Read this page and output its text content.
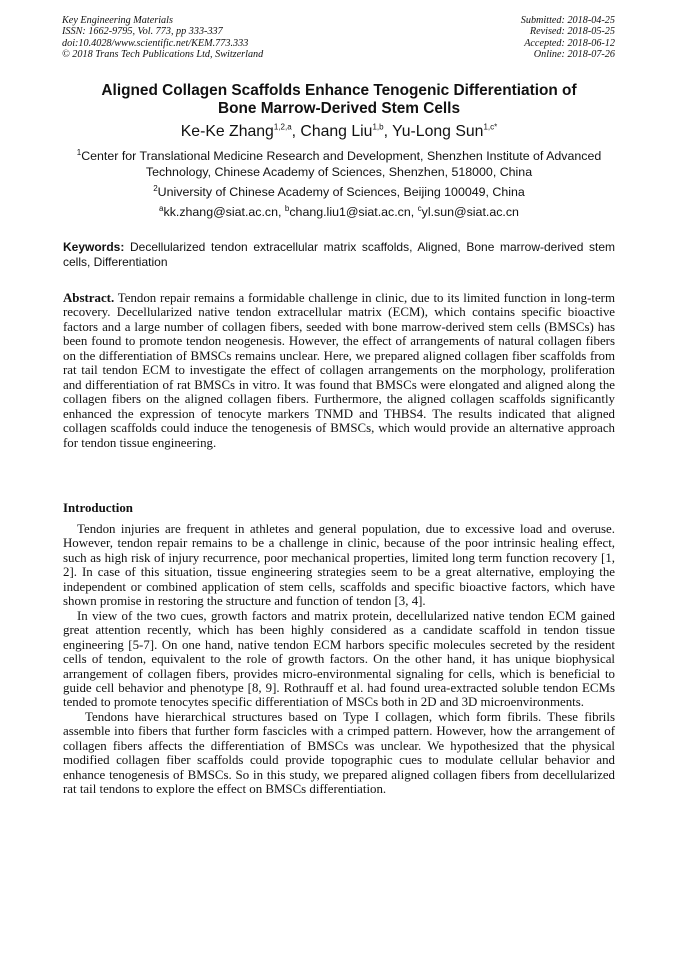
Key Engineering Materials
ISSN: 1662-9795, Vol. 773, pp 333-337
doi:10.4028/www.scientific.net/KEM.773.333
© 2018 Trans Tech Publications Ltd, Switzerland
Submitted: 2018-04-25
Revised: 2018-05-25
Accepted: 2018-06-12
Online: 2018-07-26
Aligned Collagen Scaffolds Enhance Tenogenic Differentiation of
Bone Marrow-Derived Stem Cells
Ke-Ke Zhang$^{1,2,a}$, Chang Liu$^{1,b}$, Yu-Long Sun$^{1,c*}$
$^1$Center for Translational Medicine Research and Development, Shenzhen Institute of Advanced Technology, Chinese Academy of Sciences, Shenzhen, 518000, China
$^2$University of Chinese Academy of Sciences, Beijing 100049, China
$^a$kk.zhang@siat.ac.cn, $^b$chang.liu1@siat.ac.cn, $^c$yl.sun@siat.ac.cn
Keywords: Decellularized tendon extracellular matrix scaffolds, Aligned, Bone marrow-derived stem cells, Differentiation

Abstract. Tendon repair remains a formidable challenge in clinic, due to its limited function in long-term recovery. Decellularized native tendon extracellular matrix (ECM), which contains specific bioactive factors and a large number of collagen fibers, seeded with bone marrow-derived stem cells (BMSCs) has been found to promote tendon neogenesis. However, the effect of arrangements of natural collagen fibers on the differentiation of BMSCs remains unclear. Here, we prepared aligned collagen fiber scaffolds from rat tail tendon ECM to investigate the effect of collagen arrangements on the morphology, proliferation and differentiation of rat BMSCs in vitro. It was found that BMSCs were elongated and aligned along the collagen fibers on the aligned collagen fibers. Furthermore, the aligned collagen scaffolds significantly enhanced the expression of tenocyte markers TNMD and THBS4. The results indicated that aligned collagen scaffolds could induce the tenogenesis of BMSCs, which would provide an alternative approach for tendon tissue engineering.

Introduction

Tendon injuries are frequent in athletes and general population, due to excessive load and overuse. However, tendon repair remains to be a challenge in clinic, because of the poor intrinsic healing effect, such as high risk of injury recurrence, poor mechanical properties, limited long term function recovery [1, 2]. In case of this situation, tissue engineering strategies seem to be a great alternative, employing the independent or combined application of stem cells, scaffolds and specific bioactive factors, which have shown promise in restoring the structure and function of tendon [3, 4].

In view of the two cues, growth factors and matrix protein, decellularized native tendon ECM gained great attention recently, which has been highly considered as a candidate scaffold in tendon tissue engineering [5-7]. On one hand, native tendon ECM harbors specific molecules secreted by the resident cells of tendon, equivalent to the role of growth factors. On the other hand, it has unique biophysical arrangement of collagen fibers, provides micro-environmental signaling for cells, which is beneficial to guide cell behavior and phenotype [8, 9]. Rothrauff et al. had found urea-extracted soluble tendon ECMs tended to promote tenocytes specific differentiation of MSCs both in 2D and 3D microenvironments.

Tendons have hierarchical structures based on Type I collagen, which form fibrils. These fibrils assemble into fibers that further form fascicles with a crimped pattern. However, how the arrangement of collagen fibers affects the differentiation of BMSCs was unclear. We hypothesized that the physical modified collagen fiber scaffolds could provide topographic cues to modulate cellular behavior and enhance tenogenesis of BMSCs. So in this study, we prepared aligned collagen fibers from decellularized rat tail tendons to explore the effect on BMSCs differentiation.
